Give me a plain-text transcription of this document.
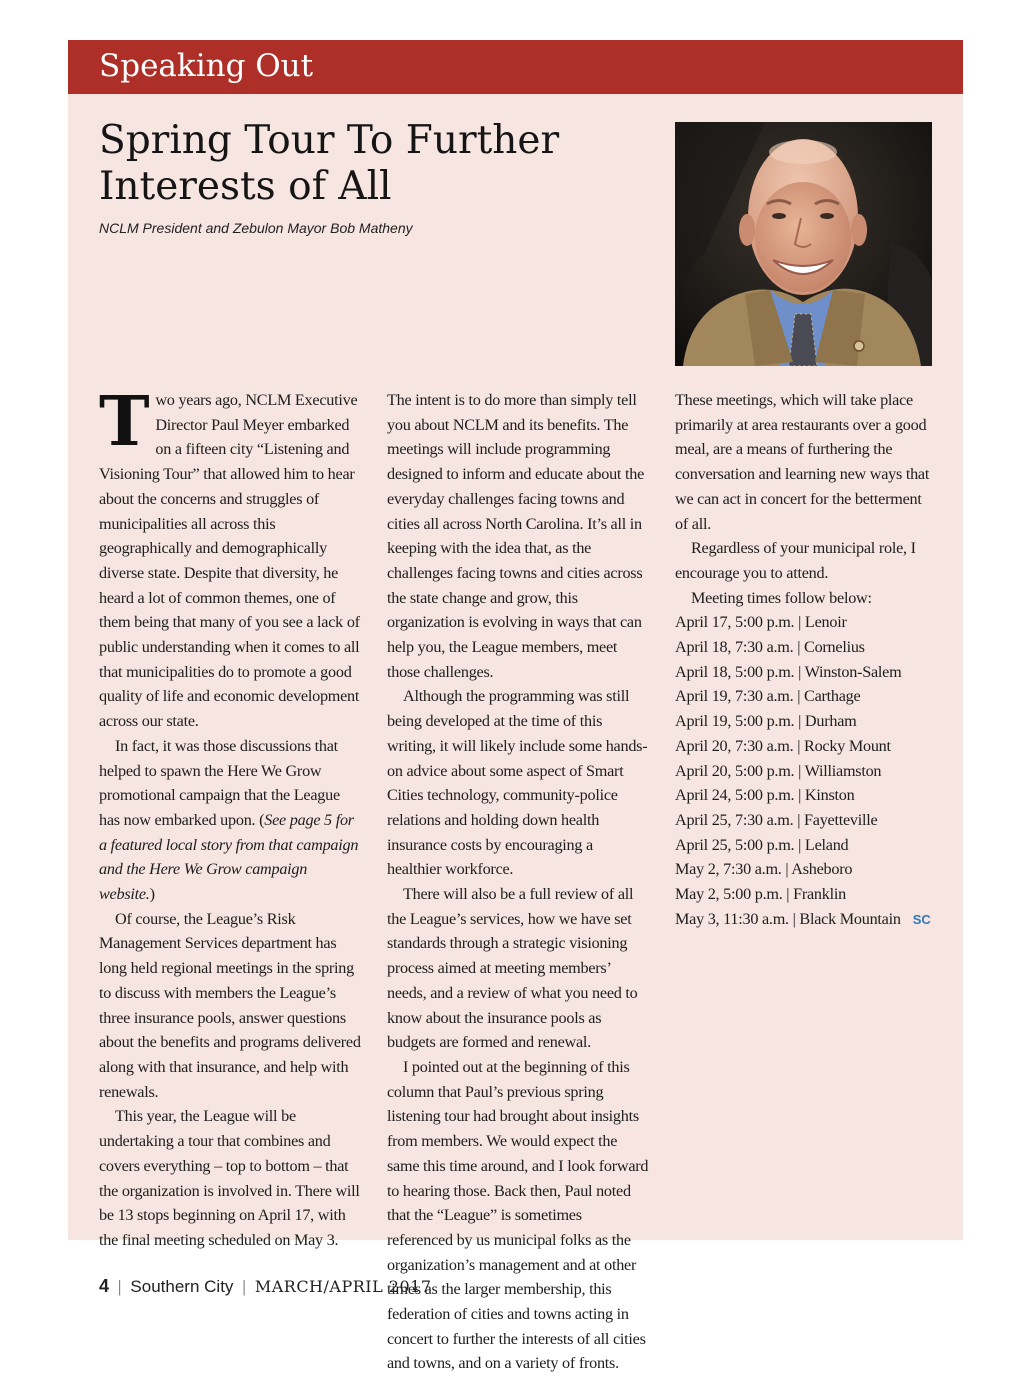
Speaking Out
Spring Tour To Further
Interests of All

NCLM President and Zebulon Mayor Bob Matheny

Two years ago, NCLM Executive Director Paul Meyer embarked on a fifteen city “Listening and Visioning Tour” that allowed him to hear about the concerns and struggles of municipalities all across this geographically and demographically diverse state. Despite that diversity, he heard a lot of common themes, one of them being that many of you see a lack of public understanding when it comes to all that municipalities do to promote a good quality of life and economic development across our state.

In fact, it was those discussions that helped to spawn the Here We Grow promotional campaign that the League has now embarked upon. (See page 5 for a featured local story from that campaign and the Here We Grow campaign website.)

Of course, the League’s Risk Management Services department has long held regional meetings in the spring to discuss with members the League’s three insurance pools, answer questions about the benefits and programs delivered along with that insurance, and help with renewals.

This year, the League will be undertaking a tour that combines and covers everything – top to bottom – that the organization is involved in. There will be 13 stops beginning on April 17, with the final meeting scheduled on May 3.

The intent is to do more than simply tell you about NCLM and its benefits. The meetings will include programming designed to inform and educate about the everyday challenges facing towns and cities all across North Carolina. It’s all in keeping with the idea that, as the challenges facing towns and cities across the state change and grow, this organization is evolving in ways that can help you, the League members, meet those challenges.

Although the programming was still being developed at the time of this writing, it will likely include some hands-on advice about some aspect of Smart Cities technology, community-police relations and holding down health insurance costs by encouraging a healthier workforce.

There will also be a full review of all the League’s services, how we have set standards through a strategic visioning process aimed at meeting members’ needs, and a review of what you need to know about the insurance pools as budgets are formed and renewal.

I pointed out at the beginning of this column that Paul’s previous spring listening tour had brought about insights from members. We would expect the same this time around, and I look forward to hearing those. Back then, Paul noted that the “League” is sometimes referenced by us municipal folks as the organization’s management and at other times as the larger membership, this federation of cities and towns acting in concert to further the interests of all cities and towns, and on a variety of fronts.

These meetings, which will take place primarily at area restaurants over a good meal, are a means of furthering the conversation and learning new ways that we can act in concert for the betterment of all.

Regardless of your municipal role, I encourage you to attend.

Meeting times follow below:

April 17, 5:00 p.m. | Lenoir
April 18, 7:30 a.m. | Cornelius
April 18, 5:00 p.m. | Winston-Salem
April 19, 7:30 a.m. | Carthage
April 19, 5:00 p.m. | Durham
April 20, 7:30 a.m. | Rocky Mount
April 20, 5:00 p.m. | Williamston
April 24, 5:00 p.m. | Kinston
April 25, 7:30 a.m. | Fayetteville
April 25, 5:00 p.m. | Leland
May 2, 7:30 a.m. | Asheboro
May 2, 5:00 p.m. | Franklin
May 3, 11:30 a.m. | Black Mountain SC
4 | Southern City | MARCH/APRIL 2017
